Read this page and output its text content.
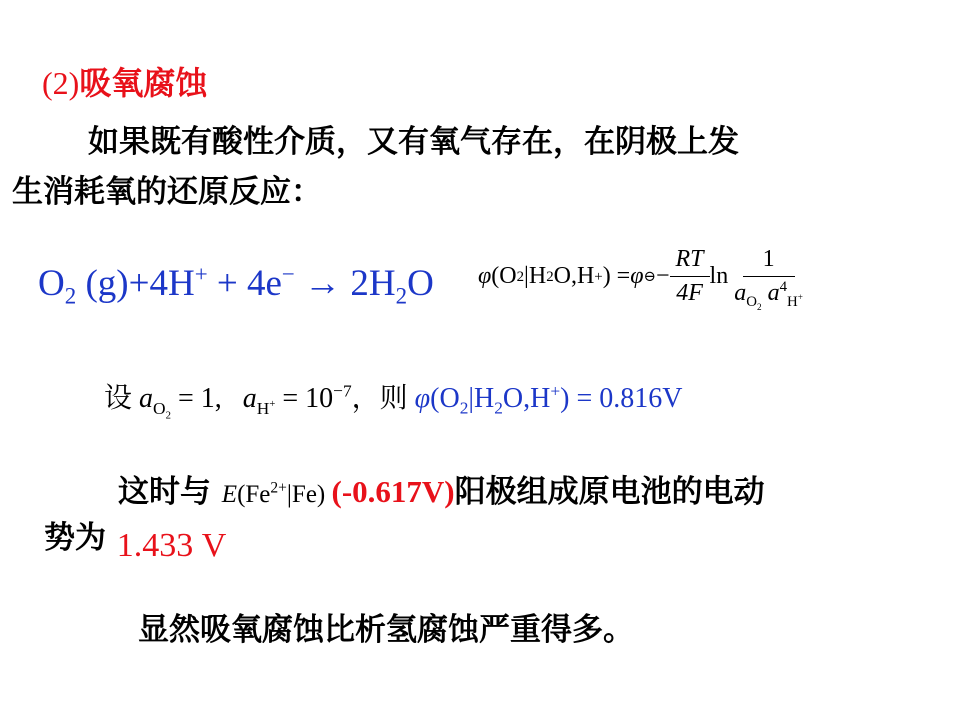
(2)吸氧腐蚀
如果既有酸性介质，又有氧气存在，在阴极上发
生消耗氧的还原反应：
$O_2$ $(g)+4H^+ + 4e^- \to 2H_2O$ φ (O 2 |H 2 O,H + ) = φ ⊖ − $\frac{RT}{4F}$ $\ln \frac{1}{a_{O_2} a^4_{H^+}}$
设 $a_{O_2} = 1$, $a_{H^+} = 10^{-7}$，则 $\varphi(O_2|H_2O,H^+) = 0.816V$
这时与 $E(Fe^{2+}|Fe)$ (-0.617V)阳极组成原电池的电动
势为 1.433 V
显然吸氧腐蚀比析氢腐蚀严重得多。
